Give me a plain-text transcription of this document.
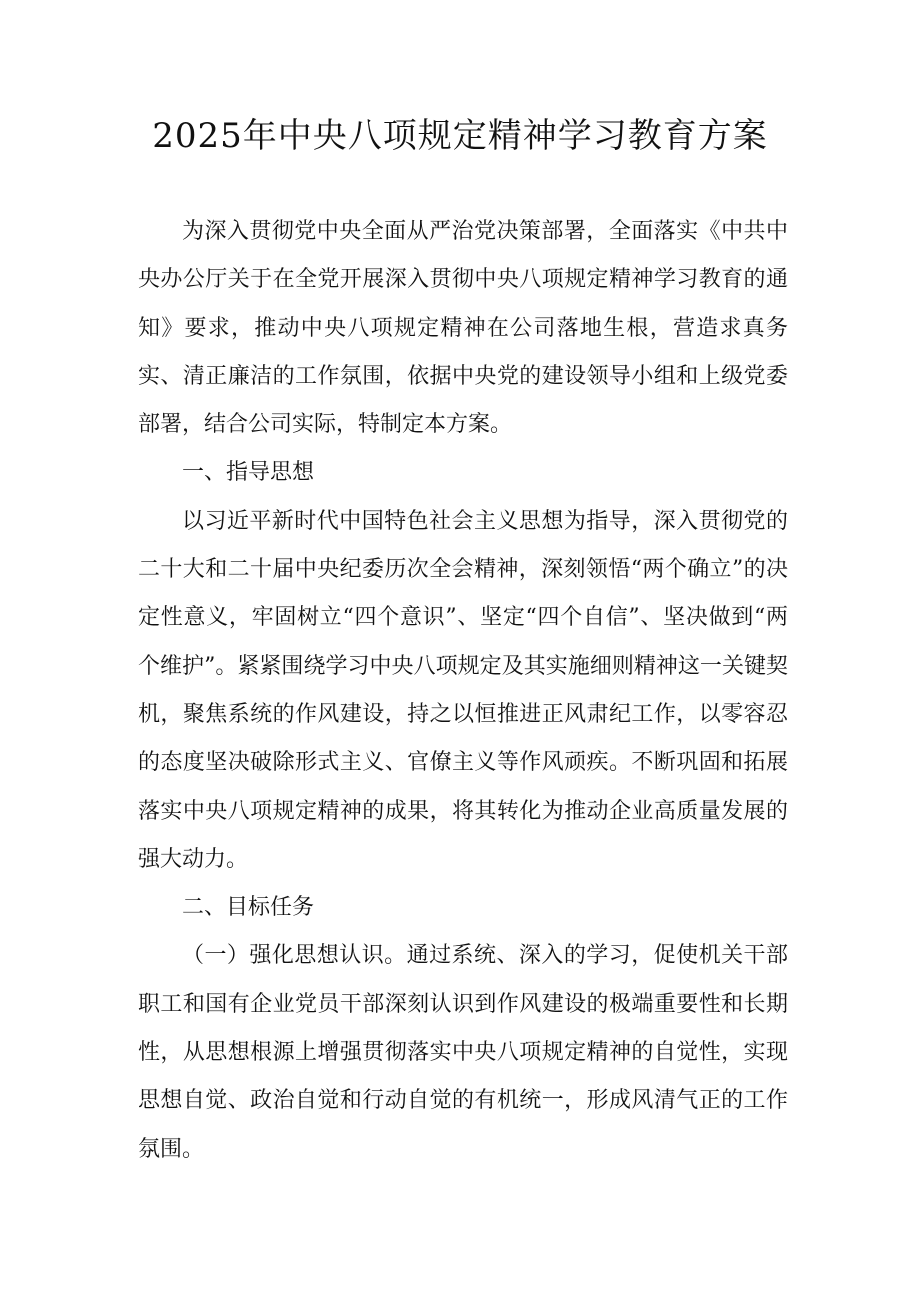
2025年中央八项规定精神学习教育方案

为深入贯彻党中央全面从严治党决策部署，全面落实《中共中央办公厅关于在全党开展深入贯彻中央八项规定精神学习教育的通知》要求，推动中央八项规定精神在公司落地生根，营造求真务实、清正廉洁的工作氛围，依据中央党的建设领导小组和上级党委部署，结合公司实际，特制定本方案。

一、指导思想

以习近平新时代中国特色社会主义思想为指导，深入贯彻党的二十大和二十届中央纪委历次全会精神，深刻领悟“两个确立”的决定性意义，牢固树立“四个意识”、坚定“四个自信”、坚决做到“两个维护”。紧紧围绕学习中央八项规定及其实施细则精神这一关键契机，聚焦系统的作风建设，持之以恒推进正风肃纪工作，以零容忍的态度坚决破除形式主义、官僚主义等作风顽疾。不断巩固和拓展落实中央八项规定精神的成果，将其转化为推动企业高质量发展的强大动力。

二、目标任务

（一）强化思想认识。通过系统、深入的学习，促使机关干部职工和国有企业党员干部深刻认识到作风建设的极端重要性和长期性，从思想根源上增强贯彻落实中央八项规定精神的自觉性，实现思想自觉、政治自觉和行动自觉的有机统一，形成风清气正的工作氛围。
